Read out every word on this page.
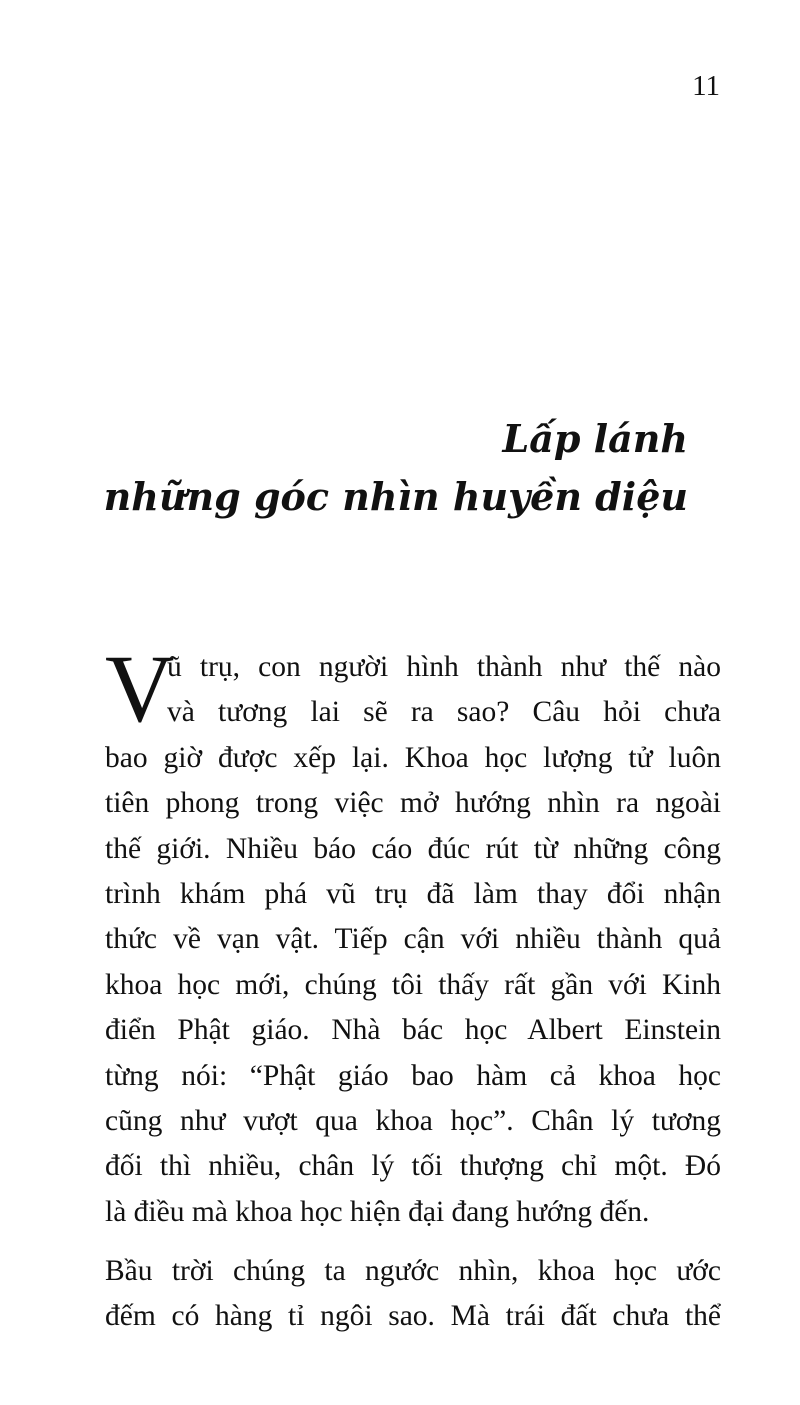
11
Lấp lánh
những góc nhìn huyền diệu
V
ũ trụ, con người hình thành như thế nào
và tương lai sẽ ra sao? Câu hỏi chưa
bao giờ được xếp lại. Khoa học lượng tử luôn
tiên phong trong việc mở hướng nhìn ra ngoài
thế giới. Nhiều báo cáo đúc rút từ những công
trình khám phá vũ trụ đã làm thay đổi nhận
thức về vạn vật. Tiếp cận với nhiều thành quả
khoa học mới, chúng tôi thấy rất gần với Kinh
điển Phật giáo. Nhà bác học Albert Einstein
từng nói: “Phật giáo bao hàm cả khoa học
cũng như vượt qua khoa học”. Chân lý tương
đối thì nhiều, chân lý tối thượng chỉ một. Đó
là điều mà khoa học hiện đại đang hướng đến.
Bầu trời chúng ta ngước nhìn, khoa học ước
đếm có hàng tỉ ngôi sao. Mà trái đất chưa thể
